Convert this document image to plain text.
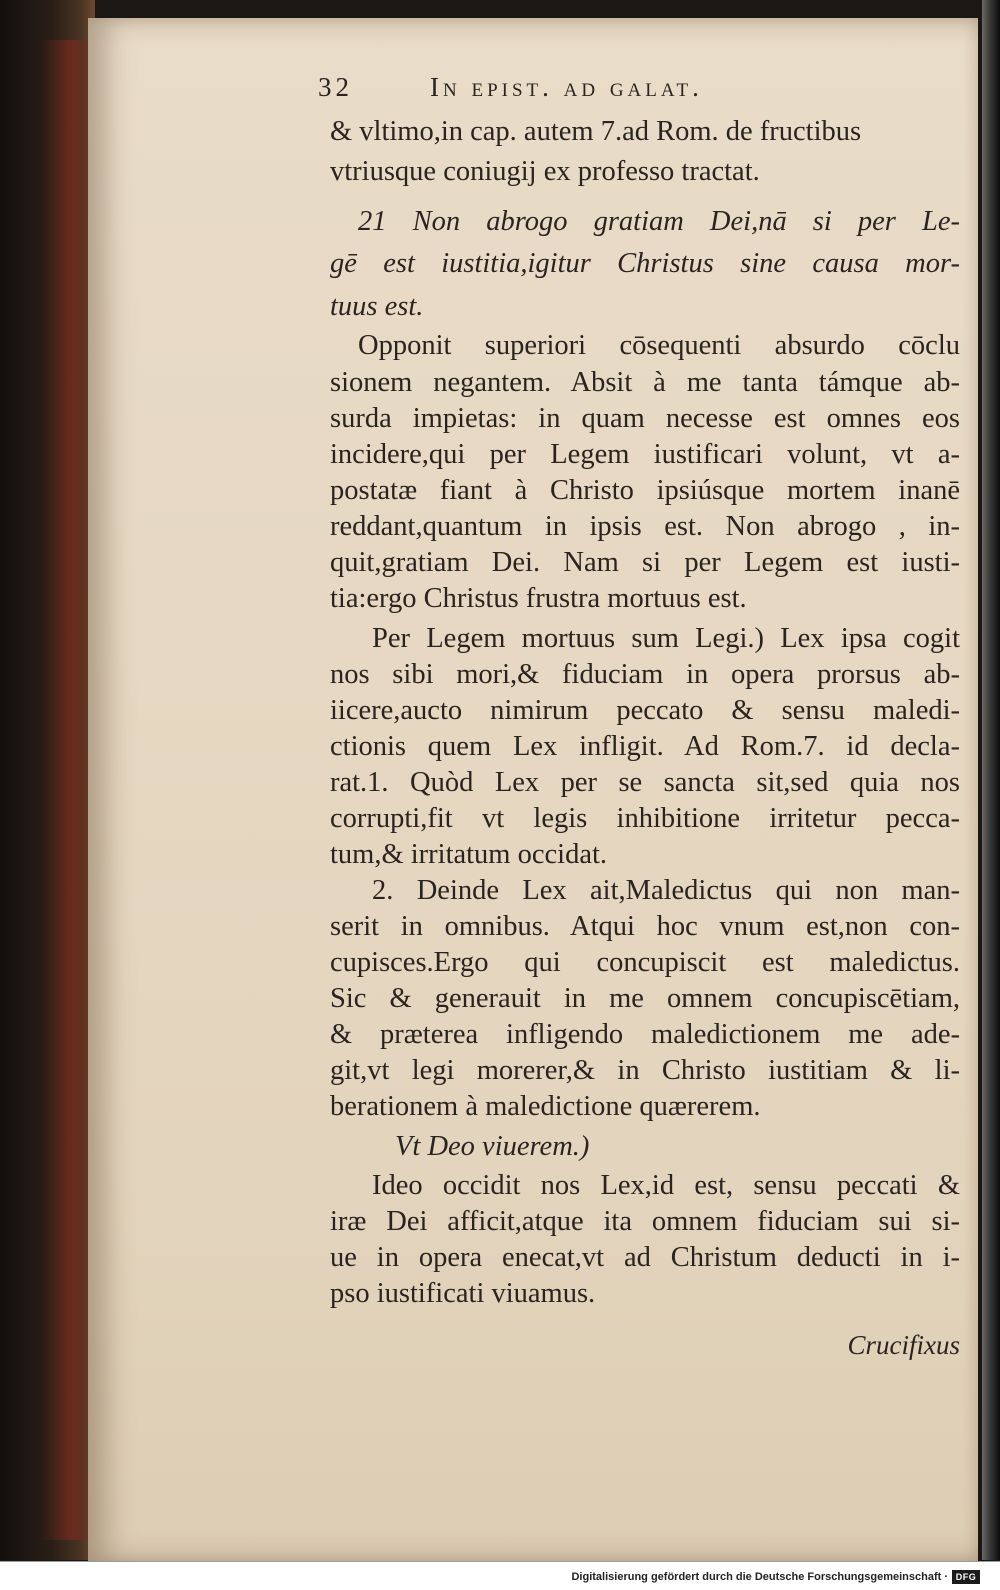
32	In epist. ad galat.
& vltimo,in cap. autem 7.ad Rom. de fructibus
vtriusque coniugij ex professo tractat.
21 Non abrogo gratiam Dei,nā si per Le-
gē est iustitia,igitur Christus sine causa mor-
tuus est.
Opponit superiori cōsequenti absurdo cōclu
sionem negantem. Absit à me tanta támque ab-
surda impietas: in quam necesse est omnes eos
incidere,qui per Legem iustificari volunt, vt a-
postatæ fiant à Christo ipsiúsque mortem inanē
reddant,quantum in ipsis est. Non abrogo , in-
quit,gratiam Dei. Nam si per Legem est iusti-
tia:ergo Christus frustra mortuus est.
Per Legem mortuus sum Legi.) Lex ipsa cogit
nos sibi mori,& fiduciam in opera prorsus ab-
iicere,aucto nimirum peccato & sensu maledi-
ctionis quem Lex infligit. Ad Rom.7. id decla-
rat.1. Quòd Lex per se sancta sit,sed quia nos
corrupti,fit vt legis inhibitione irritetur pecca-
tum,& irritatum occidat.
2. Deinde Lex ait,Maledictus qui non man-
serit in omnibus. Atqui hoc vnum est,non con-
cupisces.Ergo qui concupiscit est maledictus.
Sic & generauit in me omnem concupiscētiam,
& præterea infligendo maledictionem me ade-
git,vt legi morerer,& in Christo iustitiam & li-
berationem à maledictione quærerem.
Vt Deo viuerem.)
Ideo occidit nos Lex,id est, sensu peccati &
iræ Dei afficit,atque ita omnem fiduciam sui si-
ue in opera enecat,vt ad Christum deducti in i-
pso iustificati viuamus.
Crucifixus
Digitalisierung gefördert durch die Deutsche Forschungsgemeinschaft · DFG
